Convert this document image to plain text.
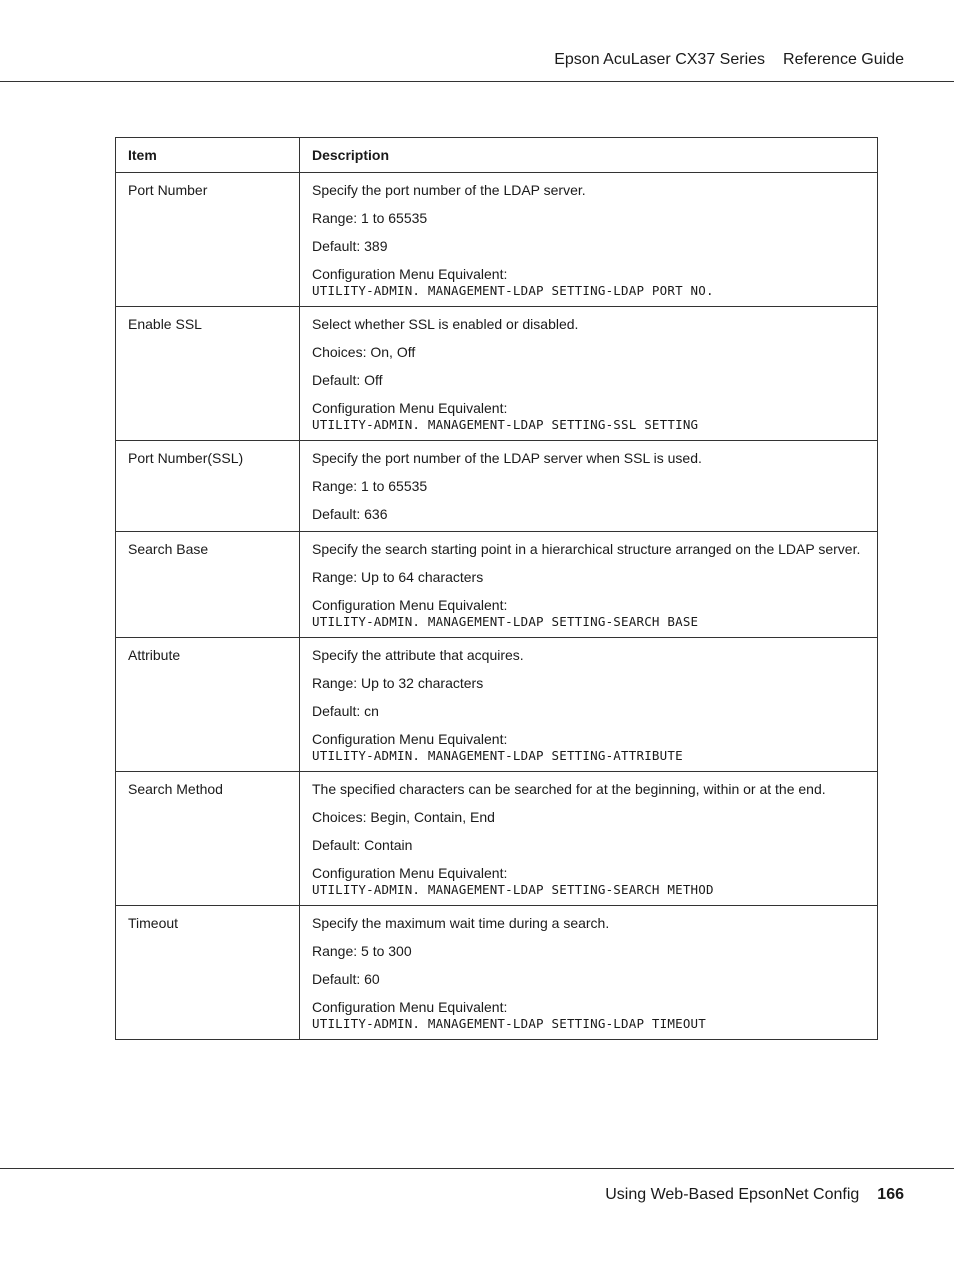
Epson AcuLaser CX37 Series Reference Guide
Item	Description
Port Number	Specify the port number of the LDAP server.
Range: 1 to 65535
Default: 389
Configuration Menu Equivalent:
UTILITY-ADMIN. MANAGEMENT-LDAP SETTING-LDAP PORT NO.

Enable SSL	Select whether SSL is enabled or disabled.
Choices: On, Off
Default: Off
Configuration Menu Equivalent:
UTILITY-ADMIN. MANAGEMENT-LDAP SETTING-SSL SETTING

Port Number(SSL)	Specify the port number of the LDAP server when SSL is used.
Range: 1 to 65535
Default: 636

Search Base	Specify the search starting point in a hierarchical structure arranged on the LDAP server.
Range: Up to 64 characters
Configuration Menu Equivalent:
UTILITY-ADMIN. MANAGEMENT-LDAP SETTING-SEARCH BASE

Attribute	Specify the attribute that acquires.
Range: Up to 32 characters
Default: cn
Configuration Menu Equivalent:
UTILITY-ADMIN. MANAGEMENT-LDAP SETTING-ATTRIBUTE

Search Method	The specified characters can be searched for at the beginning, within or at the end.
Choices: Begin, Contain, End
Default: Contain
Configuration Menu Equivalent:
UTILITY-ADMIN. MANAGEMENT-LDAP SETTING-SEARCH METHOD

Timeout	Specify the maximum wait time during a search.
Range: 5 to 300
Default: 60
Configuration Menu Equivalent:
UTILITY-ADMIN. MANAGEMENT-LDAP SETTING-LDAP TIMEOUT
Using Web-Based EpsonNet Config 166
